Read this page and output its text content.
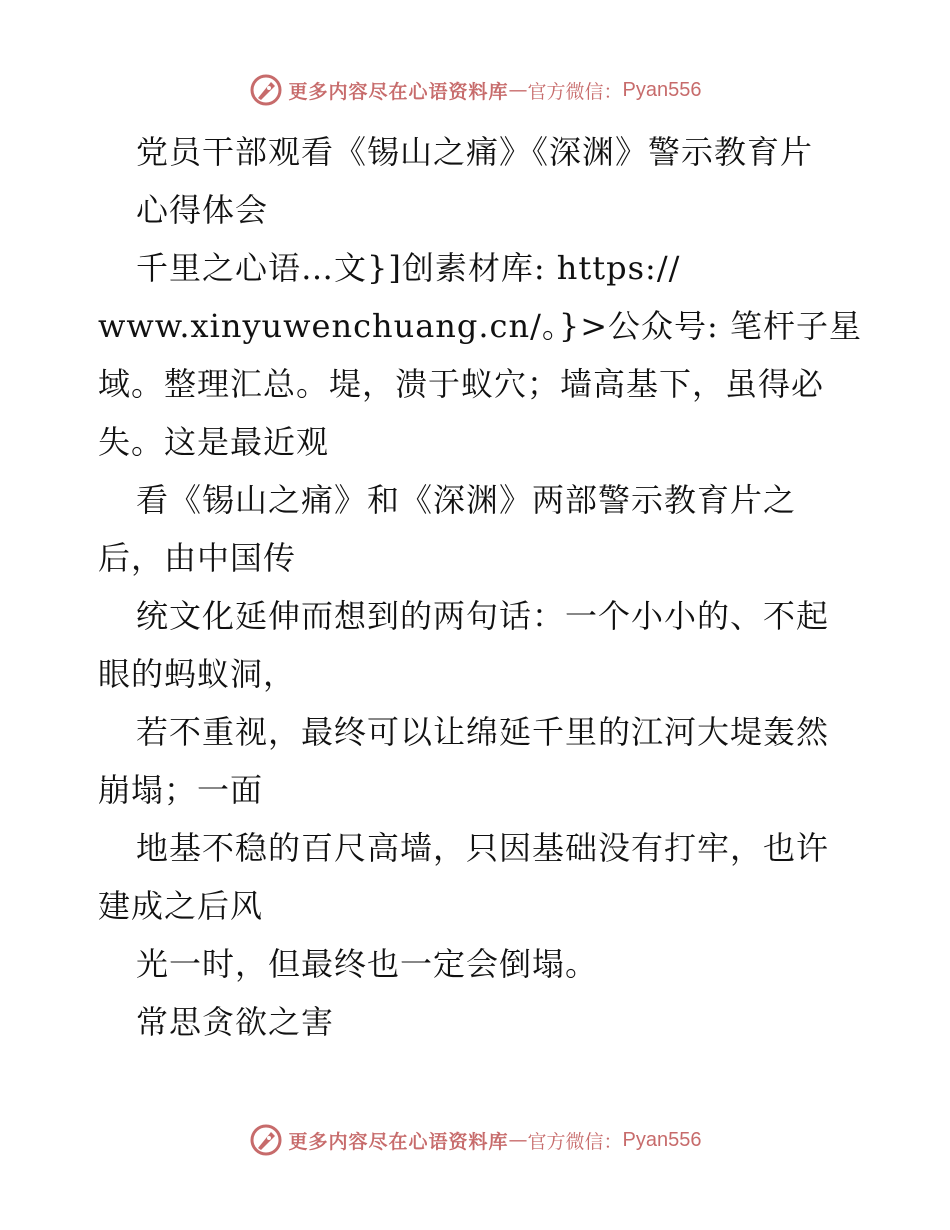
更多内容尽在心语资料库 — 官方微信： Pyan556
党员干部观看《锡山之痛》《深渊》警示教育片
心得体会
千里之心语…文}]创素材库: https://
www.xinyuwenchuang.cn/。}>公众号: 笔杆子星
域。整理汇总。堤，溃于蚁穴；墙高基下，虽得必
失。这是最近观
看《锡山之痛》和《深渊》两部警示教育片之
后，由中国传
统文化延伸而想到的两句话：一个小小的、不起
眼的蚂蚁洞，
若不重视，最终可以让绵延千里的江河大堤轰然
崩塌；一面
地基不稳的百尺高墙，只因基础没有打牢，也许
建成之后风
光一时，但最终也一定会倒塌。
常思贪欲之害
更多内容尽在心语资料库 — 官方微信： Pyan556
